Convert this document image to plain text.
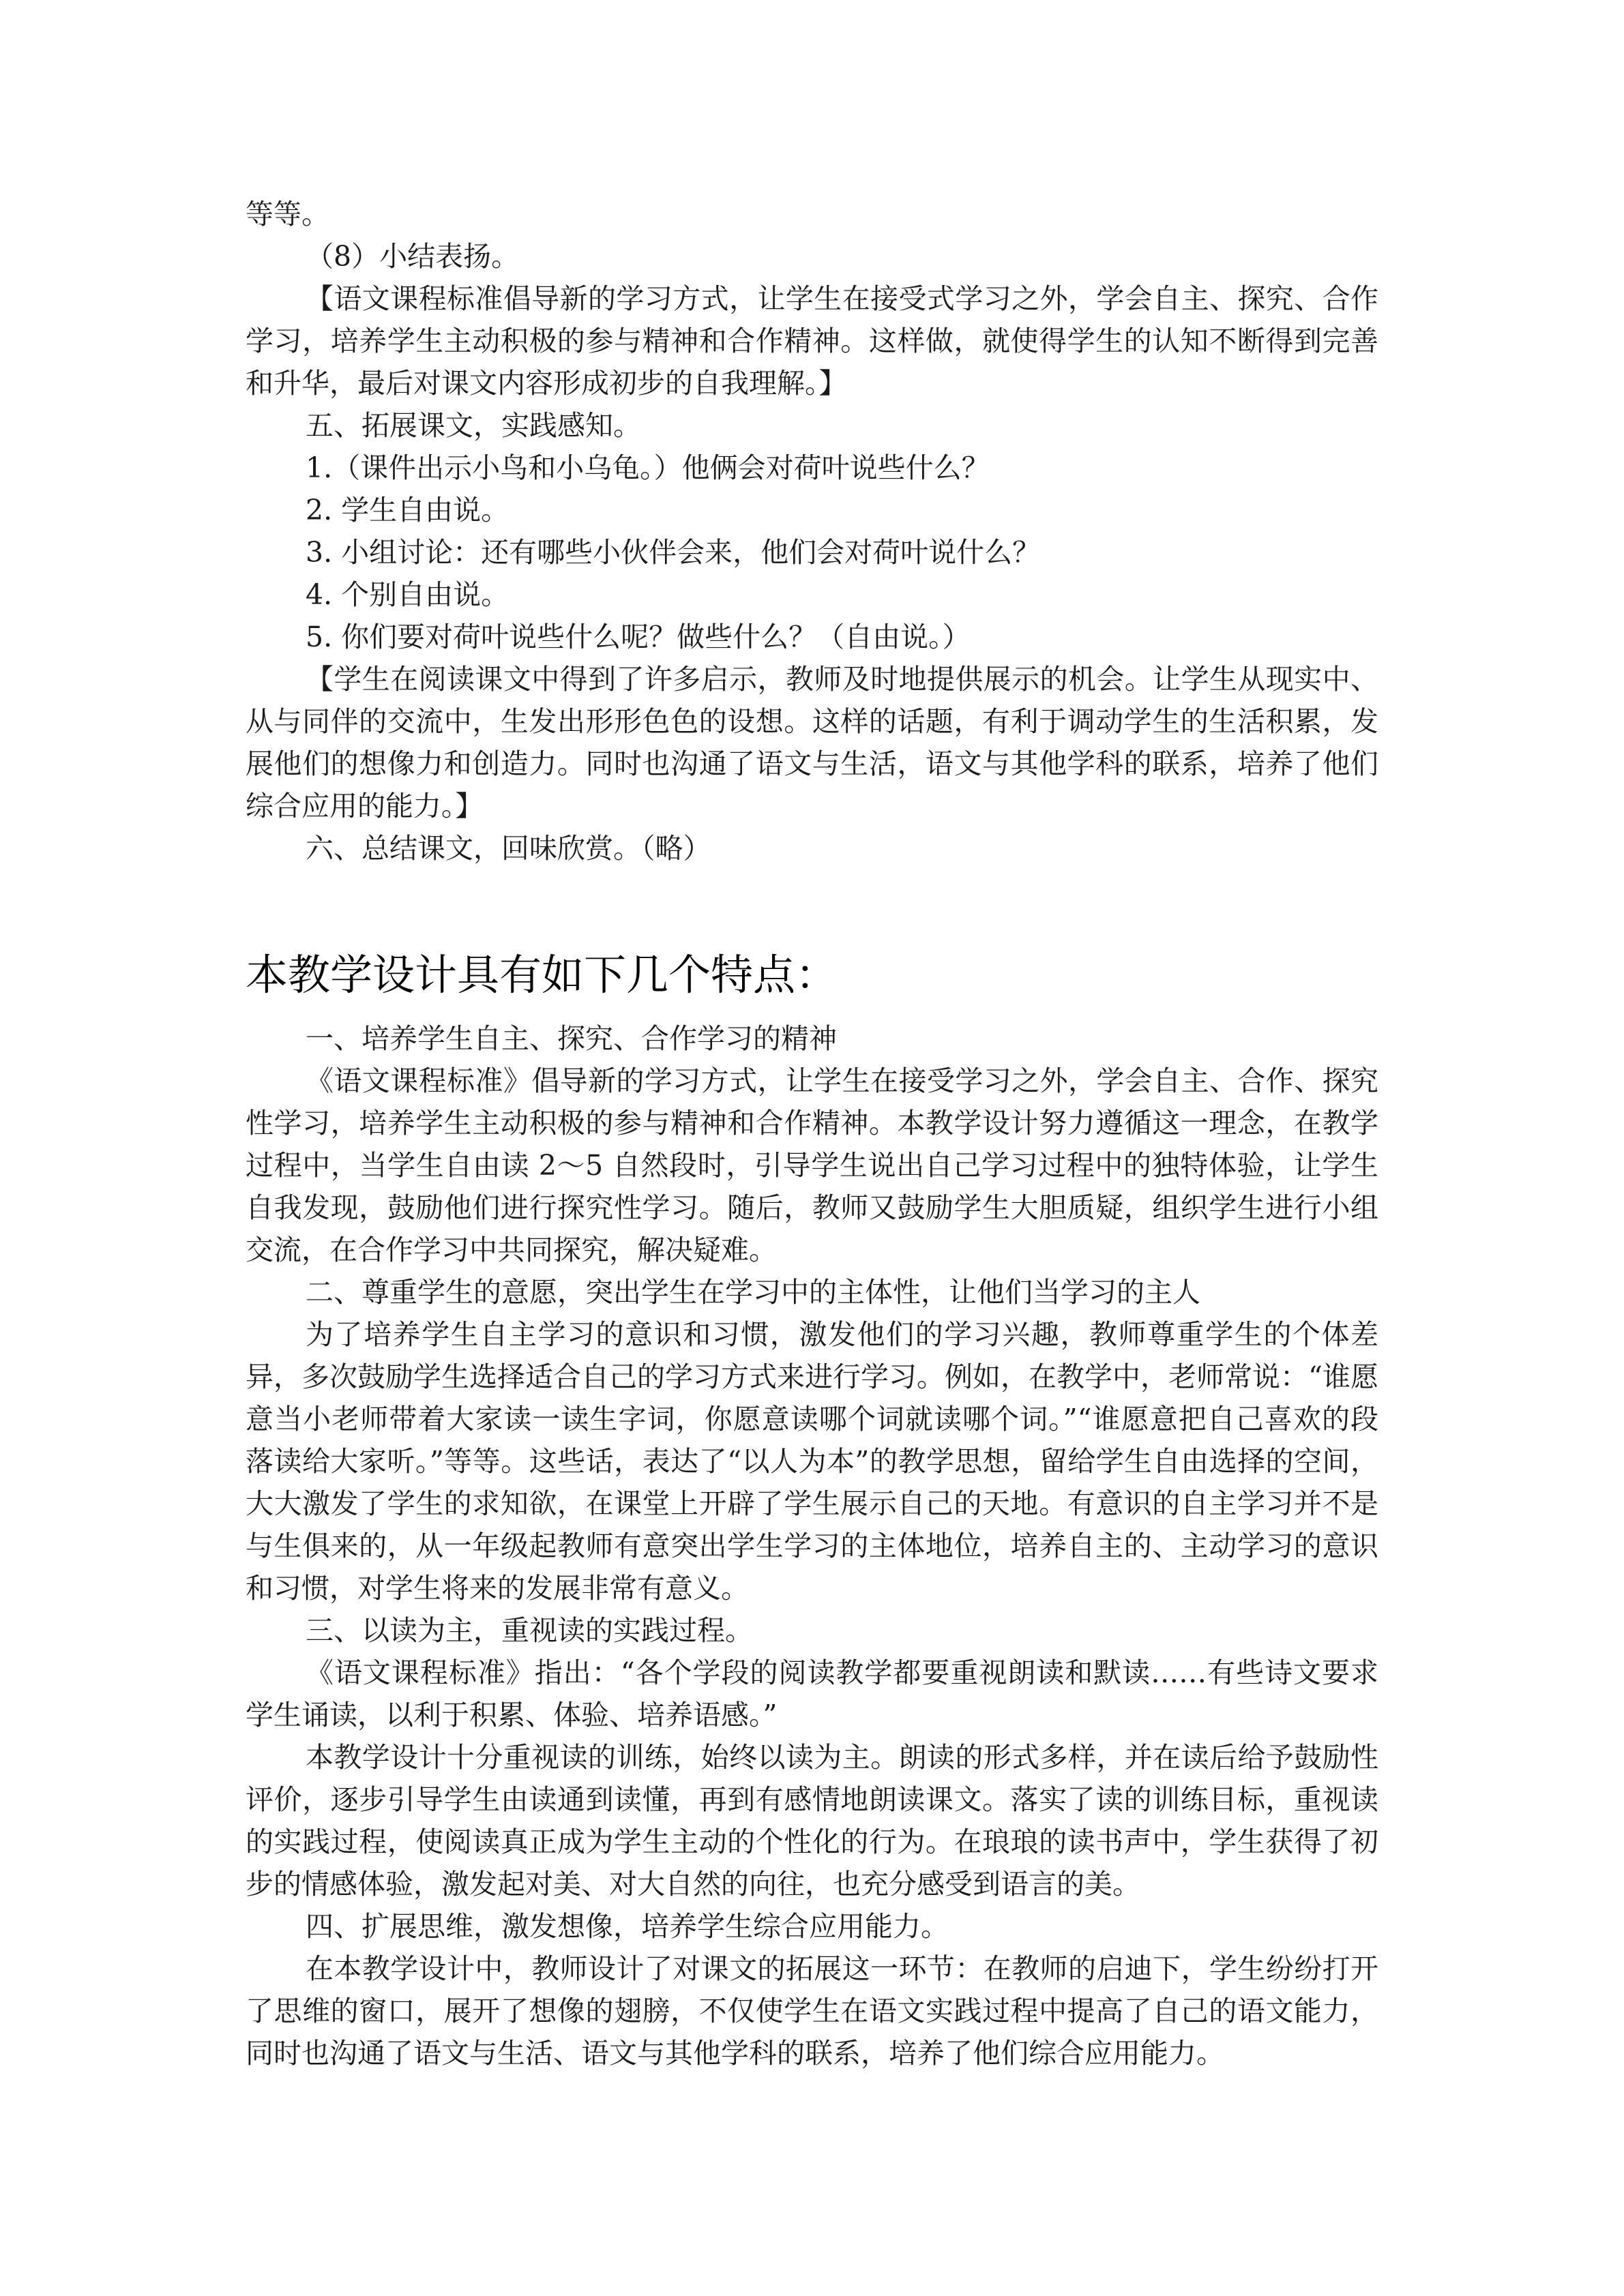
等等。

（8）小结表扬。

【语文课程标准倡导新的学习方式，让学生在接受式学习之外，学会自主、探究、合作学习，培养学生主动积极的参与精神和合作精神。这样做，就使得学生的认知不断得到完善和升华，最后对课文内容形成初步的自我理解。】

五、拓展课文，实践感知。

1.（课件出示小鸟和小乌龟。）他俩会对荷叶说些什么？

2. 学生自由说。

3. 小组讨论：还有哪些小伙伴会来，他们会对荷叶说什么？

4. 个别自由说。

5. 你们要对荷叶说些什么呢？做些什么？（自由说。）

【学生在阅读课文中得到了许多启示，教师及时地提供展示的机会。让学生从现实中、从与同伴的交流中，生发出形形色色的设想。这样的话题，有利于调动学生的生活积累，发展他们的想像力和创造力。同时也沟通了语文与生活，语文与其他学科的联系，培养了他们综合应用的能力。】

六、总结课文，回味欣赏。（略）

本教学设计具有如下几个特点：

一、培养学生自主、探究、合作学习的精神

《语文课程标准》倡导新的学习方式，让学生在接受学习之外，学会自主、合作、探究性学习，培养学生主动积极的参与精神和合作精神。本教学设计努力遵循这一理念，在教学过程中，当学生自由读 2～5 自然段时，引导学生说出自己学习过程中的独特体验，让学生自我发现，鼓励他们进行探究性学习。随后，教师又鼓励学生大胆质疑，组织学生进行小组交流，在合作学习中共同探究，解决疑难。

二、尊重学生的意愿，突出学生在学习中的主体性，让他们当学习的主人

为了培养学生自主学习的意识和习惯，激发他们的学习兴趣，教师尊重学生的个体差异，多次鼓励学生选择适合自己的学习方式来进行学习。例如，在教学中，老师常说：“谁愿意当小老师带着大家读一读生字词，你愿意读哪个词就读哪个词。”“谁愿意把自己喜欢的段落读给大家听。”等等。这些话，表达了“以人为本”的教学思想，留给学生自由选择的空间，大大激发了学生的求知欲，在课堂上开辟了学生展示自己的天地。有意识的自主学习并不是与生俱来的，从一年级起教师有意突出学生学习的主体地位，培养自主的、主动学习的意识和习惯，对学生将来的发展非常有意义。

三、以读为主，重视读的实践过程。

《语文课程标准》指出：“各个学段的阅读教学都要重视朗读和默读……有些诗文要求学生诵读，以利于积累、体验、培养语感。”

本教学设计十分重视读的训练，始终以读为主。朗读的形式多样，并在读后给予鼓励性评价，逐步引导学生由读通到读懂，再到有感情地朗读课文。落实了读的训练目标，重视读的实践过程，使阅读真正成为学生主动的个性化的行为。在琅琅的读书声中，学生获得了初步的情感体验，激发起对美、对大自然的向往，也充分感受到语言的美。

四、扩展思维，激发想像，培养学生综合应用能力。

在本教学设计中，教师设计了对课文的拓展这一环节：在教师的启迪下，学生纷纷打开了思维的窗口，展开了想像的翅膀，不仅使学生在语文实践过程中提高了自己的语文能力，同时也沟通了语文与生活、语文与其他学科的联系，培养了他们综合应用能力。
